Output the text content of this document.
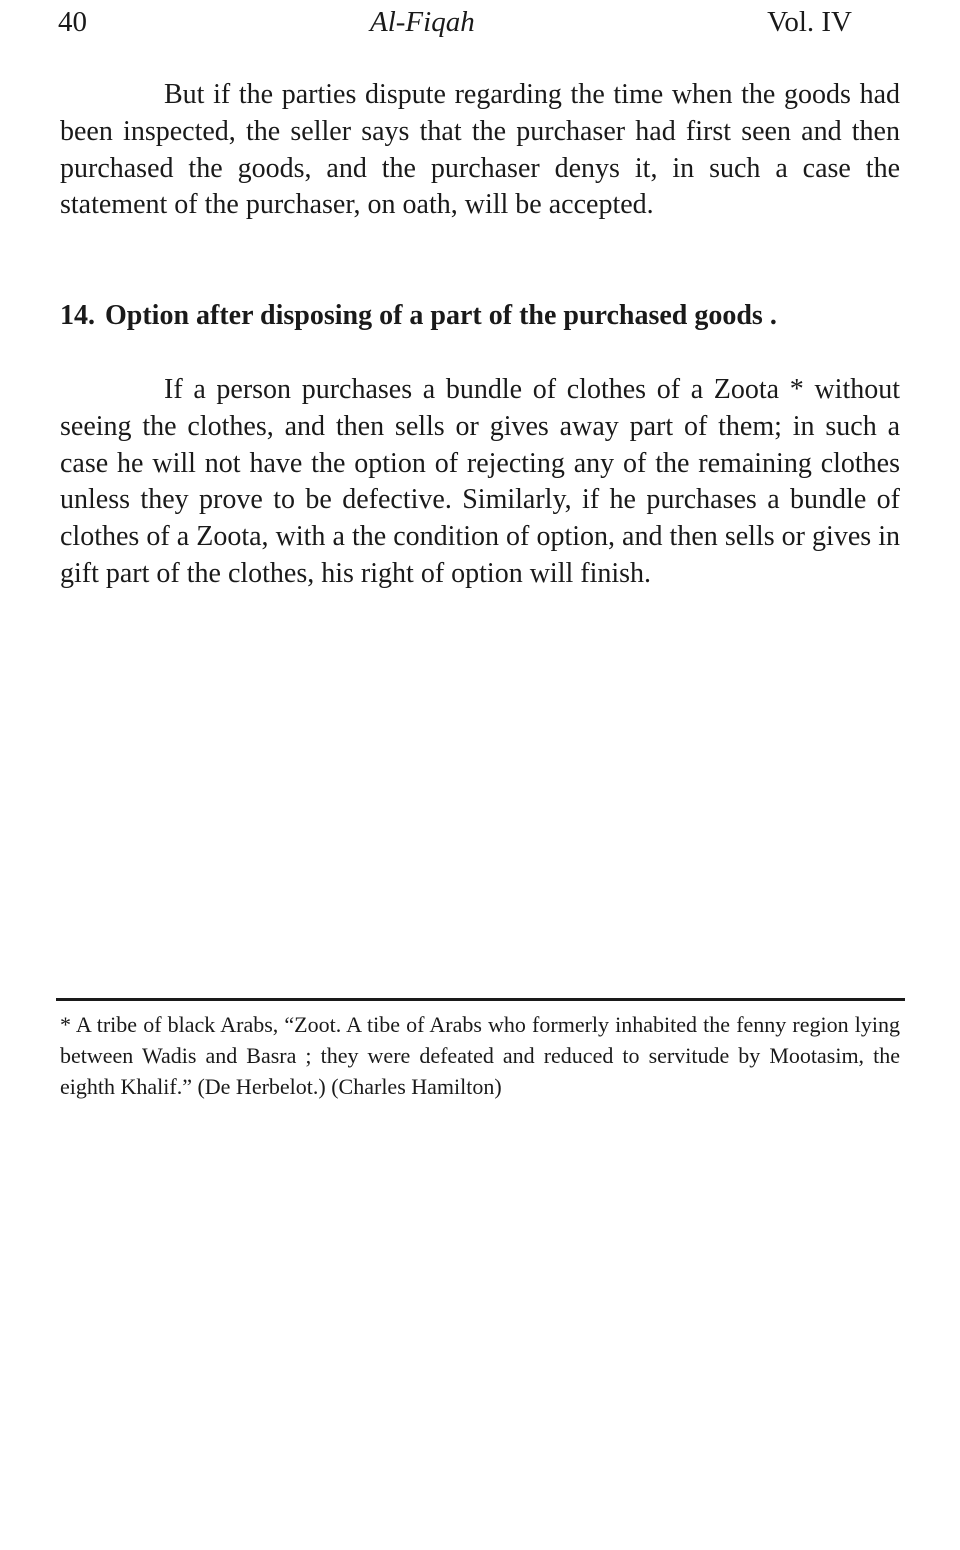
40	Al-Fiqah	Vol. IV

But if the parties dispute regarding the time when the goods had been inspected, the seller says that the purchaser had first seen and then purchased the goods, and the purchaser denys it, in such a case the statement of the purchaser, on oath, will be accepted.

14. Option after disposing of a part of the purchased goods .

If a person purchases a bundle of clothes of a Zoota * without seeing the clothes, and then sells or gives away part of them; in such a case he will not have the option of rejecting any of the remaining clothes unless they prove to be defective. Similarly, if he purchases a bundle of clothes of a Zoota, with a the condition of option, and then sells or gives in gift part of the clothes, his right of option will finish.

* A tribe of black Arabs, “Zoot. A tibe of Arabs who formerly inhabited the fenny region lying between Wadis and Basra ; they were defeated and reduced to servitude by Mootasim, the eighth Khalif.” (De Herbelot.) (Charles Hamilton)
